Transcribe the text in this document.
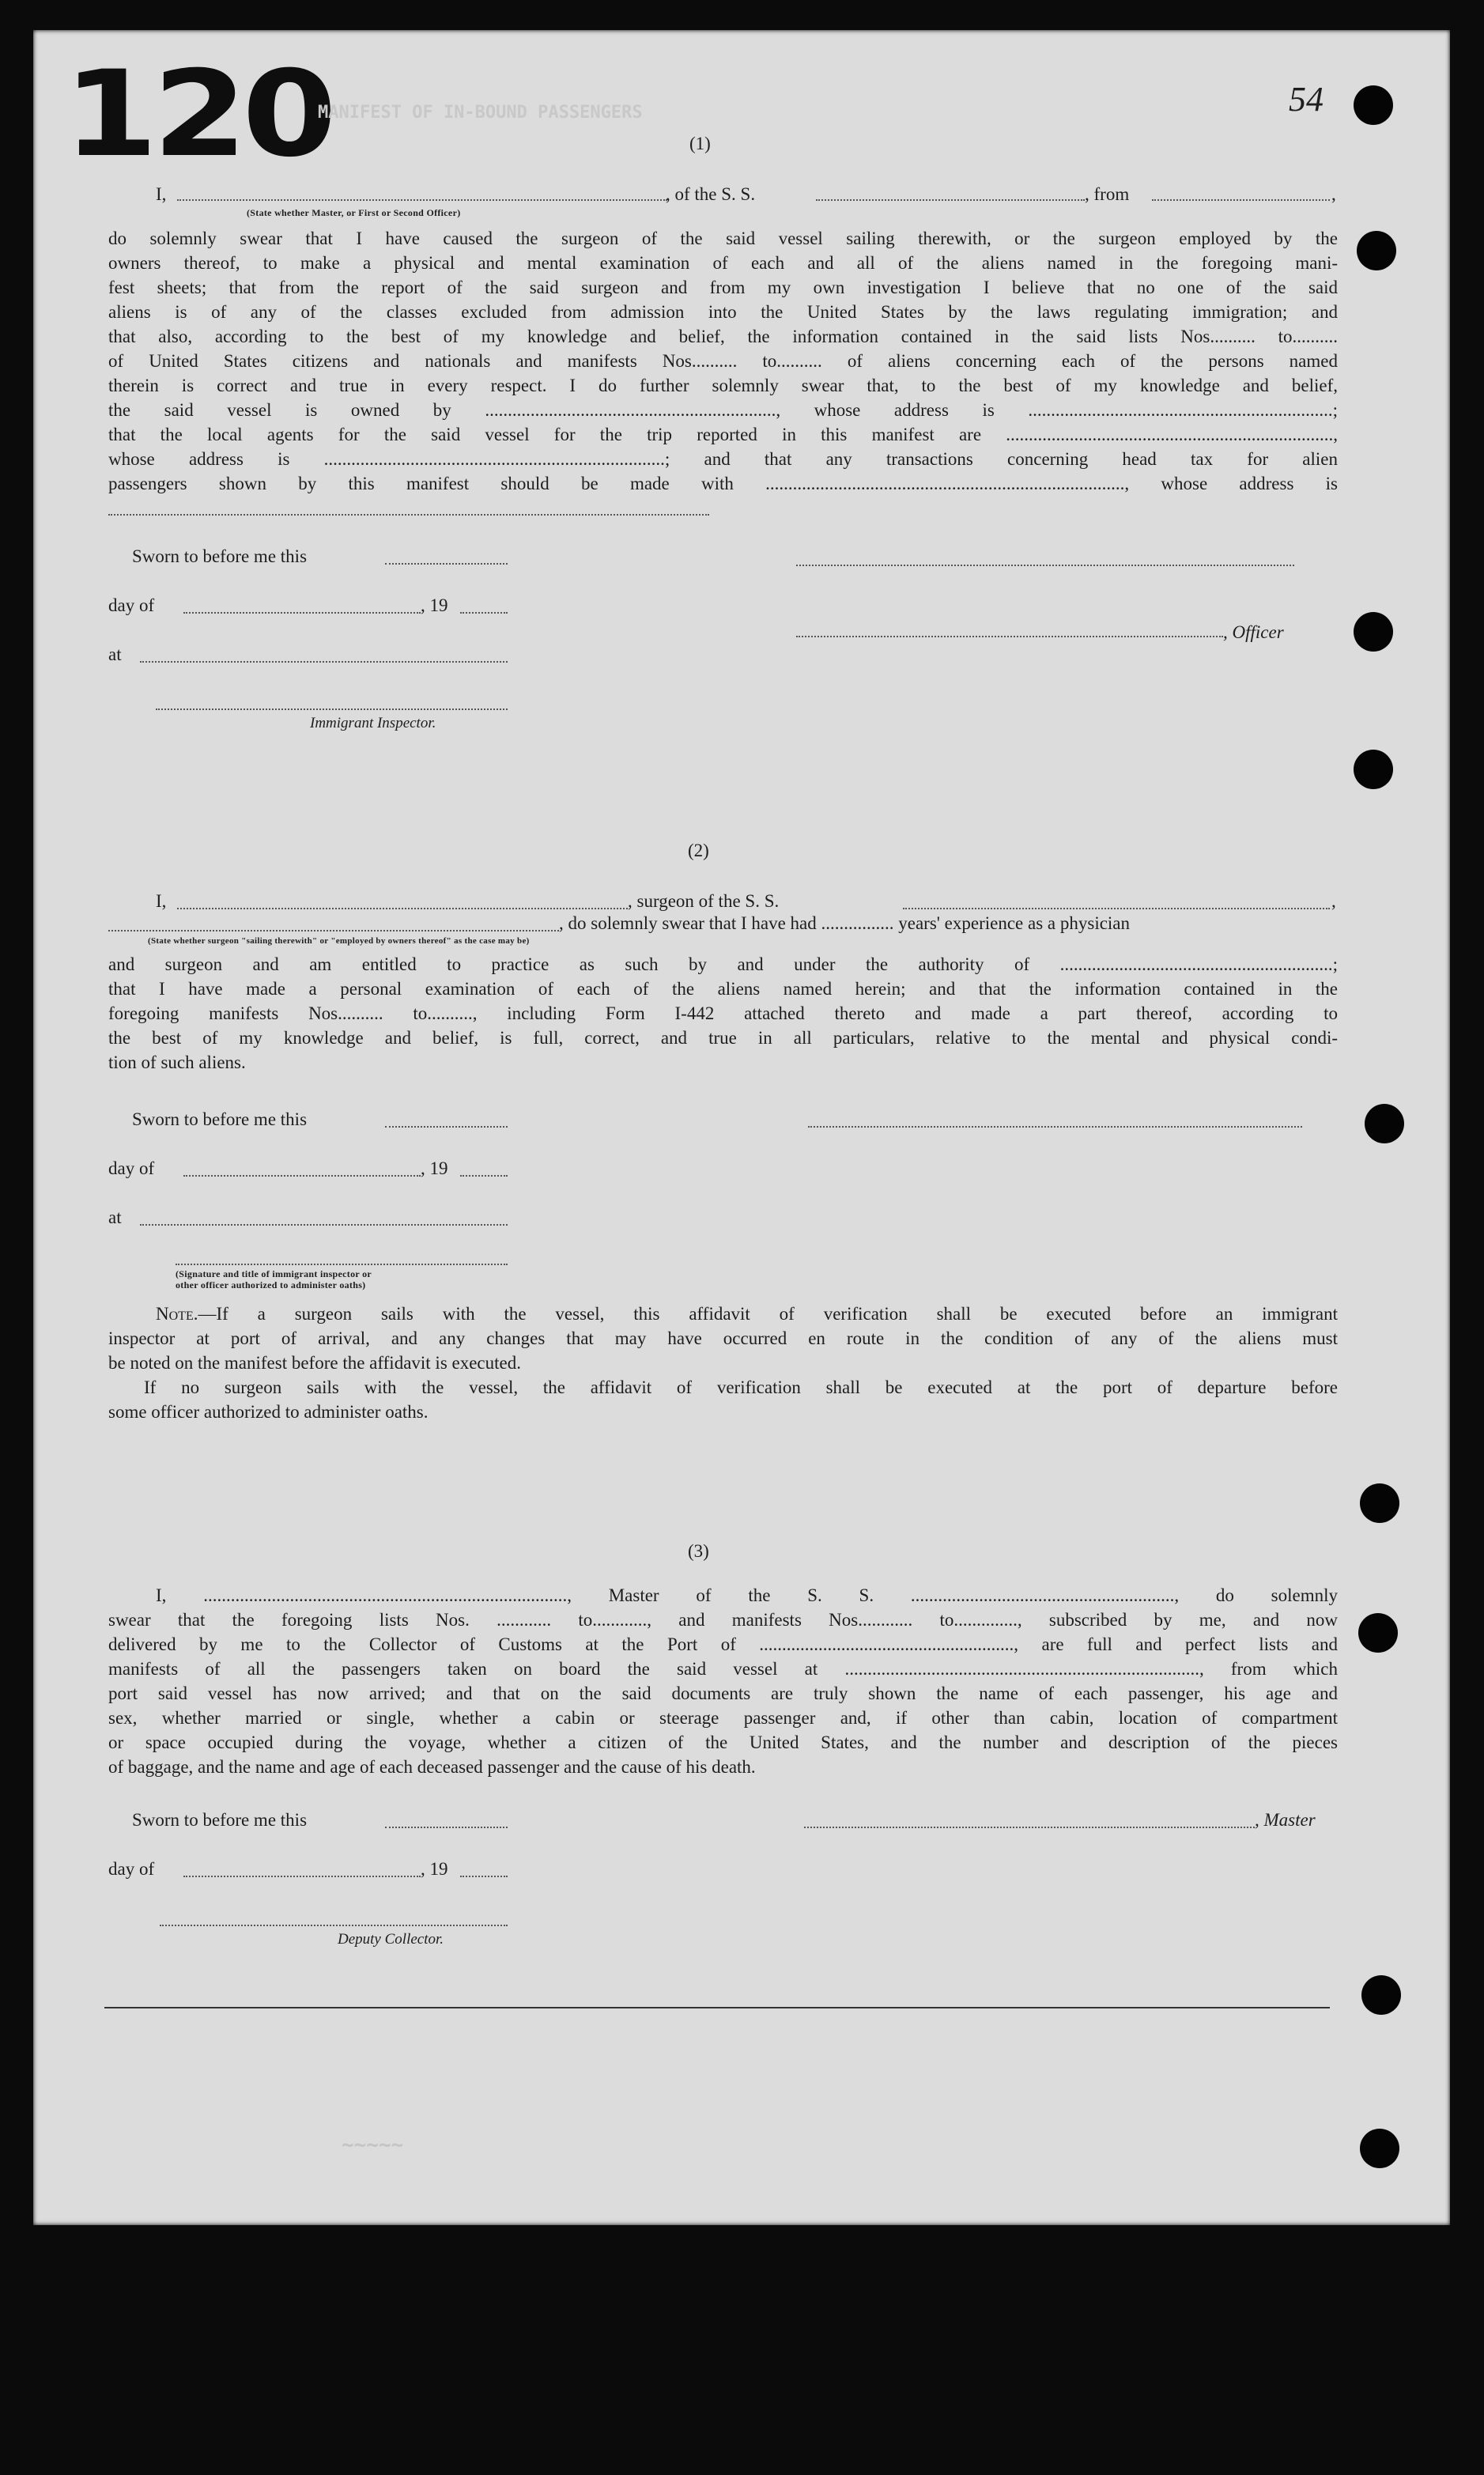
120	54
MANIFEST OF IN-BOUND PASSENGERS
(1)
I,	, of the S. S.	, from	,
(State whether Master, or First or Second Officer)
do solemnly swear that I have caused the surgeon of the said vessel sailing therewith, or the surgeon employed by the
owners thereof, to make a physical and mental examination of each and all of the aliens named in the foregoing mani-
fest sheets; that from the report of the said surgeon and from my own investigation I believe that no one of the said
aliens is of any of the classes excluded from admission into the United States by the laws regulating immigration; and
that also, according to the best of my knowledge and belief, the information contained in the said lists Nos.......... to..........
of United States citizens and nationals and manifests Nos.......... to.......... of aliens concerning each of the persons named
therein is correct and true in every respect. I do further solemnly swear that, to the best of my knowledge and belief,
the said vessel is owned by ................................................................, whose address is ...................................................................;
that the local agents for the said vessel for the trip reported in this manifest are ........................................................................,
whose address is ...........................................................................; and that any transactions concerning head tax for alien
passengers shown by this manifest should be made with ..............................................................................., whose address is
Sworn to before me this
day of	, 19
, Officer
at
Immigrant Inspector.
(2)
I,	, surgeon of the S. S.	,
, do solemnly swear that I have had ................ years' experience as a physician
(State whether surgeon "sailing therewith" or "employed by owners thereof" as the case may be)
and surgeon and am entitled to practice as such by and under the authority of ............................................................;
that I have made a personal examination of each of the aliens named herein; and that the information contained in the
foregoing manifests Nos.......... to.........., including Form I-442 attached thereto and made a part thereof, according to
the best of my knowledge and belief, is full, correct, and true in all particulars, relative to the mental and physical condi-
tion of such aliens.
Sworn to before me this
day of	, 19
at
(Signature and title of immigrant inspector or
other officer authorized to administer oaths)
Note.—If a surgeon sails with the vessel, this affidavit of verification shall be executed before an immigrant
inspector at port of arrival, and any changes that may have occurred en route in the condition of any of the aliens must
be noted on the manifest before the affidavit is executed.
If no surgeon sails with the vessel, the affidavit of verification shall be executed at the port of departure before
some officer authorized to administer oaths.
(3)
I, ................................................................................, Master of the S. S. .........................................................., do solemnly
swear that the foregoing lists Nos. ............ to............, and manifests Nos............ to.............., subscribed by me, and now
delivered by me to the Collector of Customs at the Port of ........................................................, are full and perfect lists and
manifests of all the passengers taken on board the said vessel at .............................................................................., from which
port said vessel has now arrived; and that on the said documents are truly shown the name of each passenger, his age and
sex, whether married or single, whether a cabin or steerage passenger and, if other than cabin, location of compartment
or space occupied during the voyage, whether a citizen of the United States, and the number and description of the pieces
of baggage, and the name and age of each deceased passenger and the cause of his death.
Sworn to before me this	, Master
day of	, 19
Deputy Collector.
~~~~~
